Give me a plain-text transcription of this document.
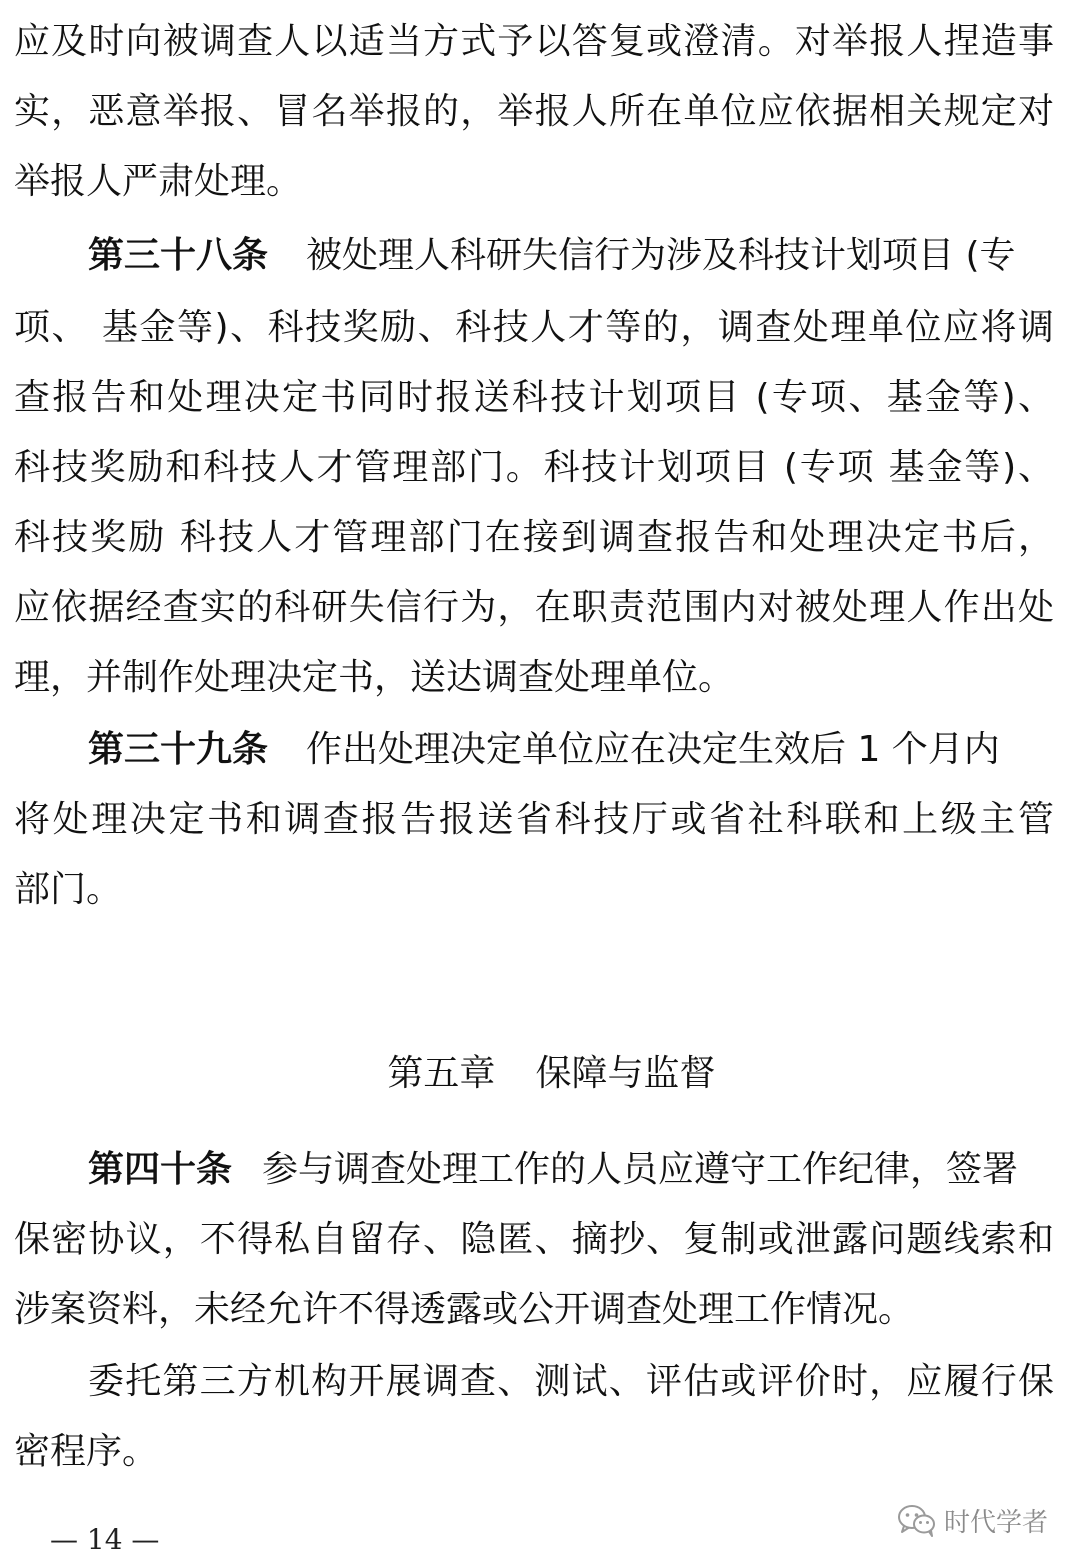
应及时向被调查人以适当方式予以答复或澄清。对举报人捏造事
实，恶意举报、冒名举报的，举报人所在单位应依据相关规定对
举报人严肃处理。
第三十八条 被处理人科研失信行为涉及科技计划项目 (专
项、 基金等)、科技奖励、科技人才等的，调查处理单位应将调
查报告和处理决定书同时报送科技计划项目 (专项、基金等)、
科技奖励和科技人才管理部门。科技计划项目 (专项 基金等)、
科技奖励 科技人才管理部门在接到调查报告和处理决定书后，
应依据经查实的科研失信行为，在职责范围内对被处理人作出处
理，并制作处理决定书，送达调查处理单位。
第三十九条 作出处理决定单位应在决定生效后 1 个月内
将处理决定书和调查报告报送省科技厅或省社科联和上级主管
部门。

第五章 保障与监督

第四十条 参与调查处理工作的人员应遵守工作纪律，签署
保密协议，不得私自留存、隐匿、摘抄、复制或泄露问题线索和
涉案资料，未经允许不得透露或公开调查处理工作情况。
委托第三方机构开展调查、测试、评估或评价时，应履行保
密程序。
— 14 —
时代学者
